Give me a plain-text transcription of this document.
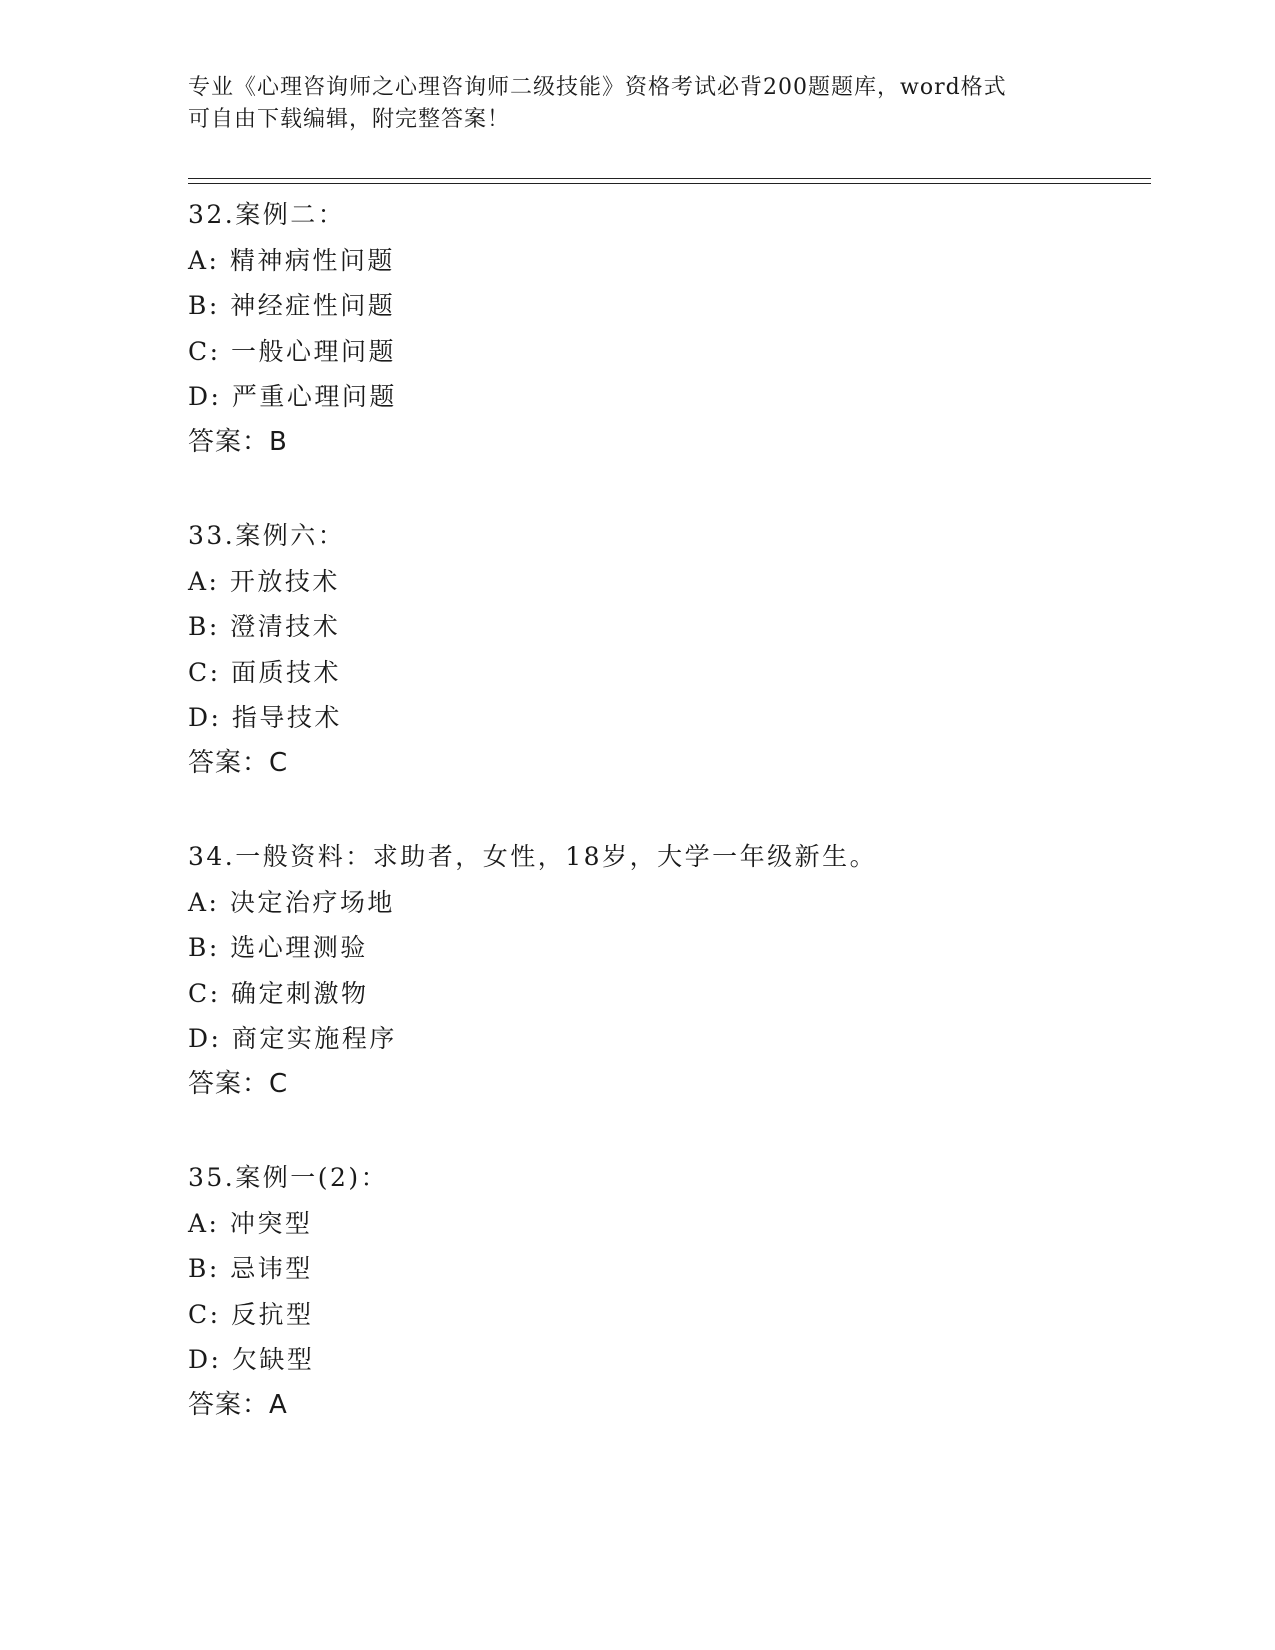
专业《心理咨询师之心理咨询师二级技能》资格考试必背200题题库，word格式
可自由下载编辑，附完整答案！
32.案例二：
A: 精神病性问题
B: 神经症性问题
C: 一般心理问题
D: 严重心理问题
答案：B
33.案例六：
A: 开放技术
B: 澄清技术
C: 面质技术
D: 指导技术
答案：C
34.一般资料：求助者，女性，18岁，大学一年级新生。
A: 决定治疗场地
B: 选心理测验
C: 确定刺激物
D: 商定实施程序
答案：C
35.案例一(2)：
A: 冲突型
B: 忌讳型
C: 反抗型
D: 欠缺型
答案：A
